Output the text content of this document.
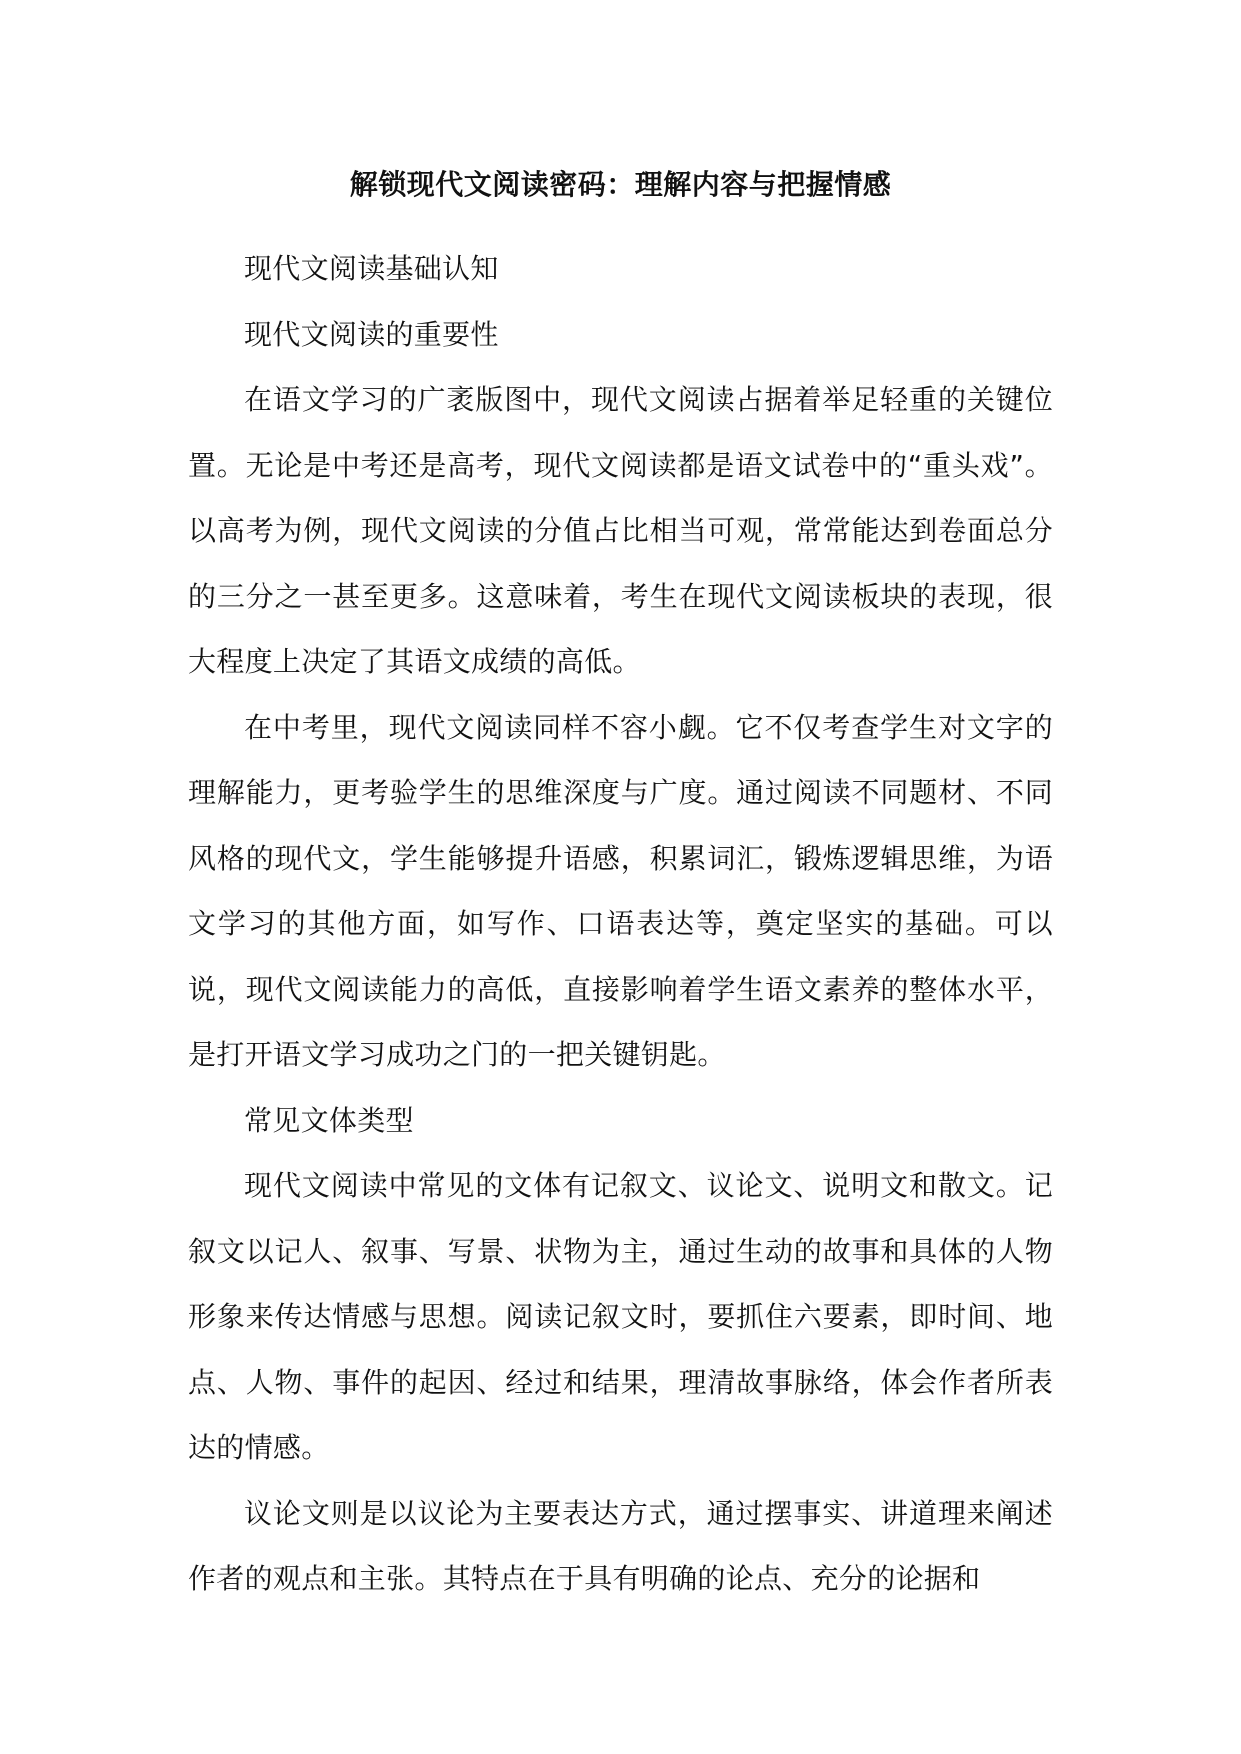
解锁现代文阅读密码：理解内容与把握情感

现代文阅读基础认知

现代文阅读的重要性

在语文学习的广袤版图中，现代文阅读占据着举足轻重的关键位置。无论是中考还是高考，现代文阅读都是语文试卷中的“重头戏”。以高考为例，现代文阅读的分值占比相当可观，常常能达到卷面总分的三分之一甚至更多。这意味着，考生在现代文阅读板块的表现，很大程度上决定了其语文成绩的高低。

在中考里，现代文阅读同样不容小觑。它不仅考查学生对文字的理解能力，更考验学生的思维深度与广度。通过阅读不同题材、不同风格的现代文，学生能够提升语感，积累词汇，锻炼逻辑思维，为语文学习的其他方面，如写作、口语表达等，奠定坚实的基础。可以说，现代文阅读能力的高低，直接影响着学生语文素养的整体水平，是打开语文学习成功之门的一把关键钥匙。

常见文体类型

现代文阅读中常见的文体有记叙文、议论文、说明文和散文。记叙文以记人、叙事、写景、状物为主，通过生动的故事和具体的人物形象来传达情感与思想。阅读记叙文时，要抓住六要素，即时间、地点、人物、事件的起因、经过和结果，理清故事脉络，体会作者所表达的情感。

议论文则是以议论为主要表达方式，通过摆事实、讲道理来阐述作者的观点和主张。其特点在于具有明确的论点、充分的论据和
